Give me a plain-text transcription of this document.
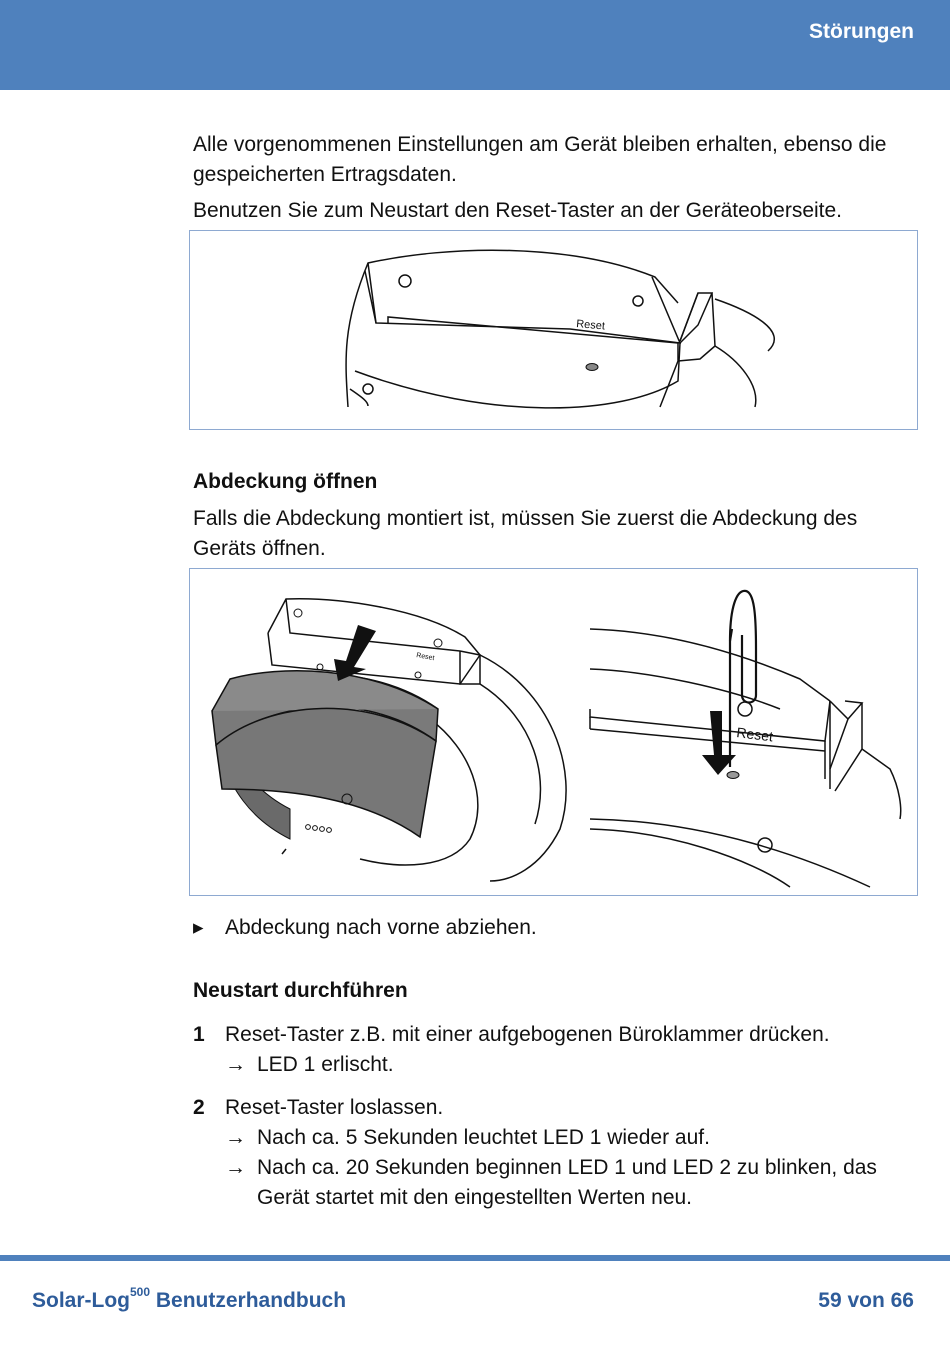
Störungen

Alle vorgenommenen Einstellungen am Gerät bleiben erhalten, ebenso die gespeicherten Ertragsdaten.

Benutzen Sie zum Neustart den Reset-Taster an der Geräteoberseite.

Reset
Abdeckung öffnen

Falls die Abdeckung montiert ist, müssen Sie zuerst die Abdeckung des Geräts öffnen.

Reset
Reset
▸ Abdeckung nach vorne abziehen.
Neustart durchführen
1 Reset-Taster z.B. mit einer aufgebogenen Büroklammer drücken.
→ LED 1 erlischt.
2 Reset-Taster loslassen.
→ Nach ca. 5 Sekunden leuchtet LED 1 wieder auf.
→ Nach ca. 20 Sekunden beginnen LED 1 und LED 2 zu blinken, das Gerät startet mit den eingestellten Werten neu.
Solar-Log$^{500}$ Benutzerhandbuch	59 von 66
